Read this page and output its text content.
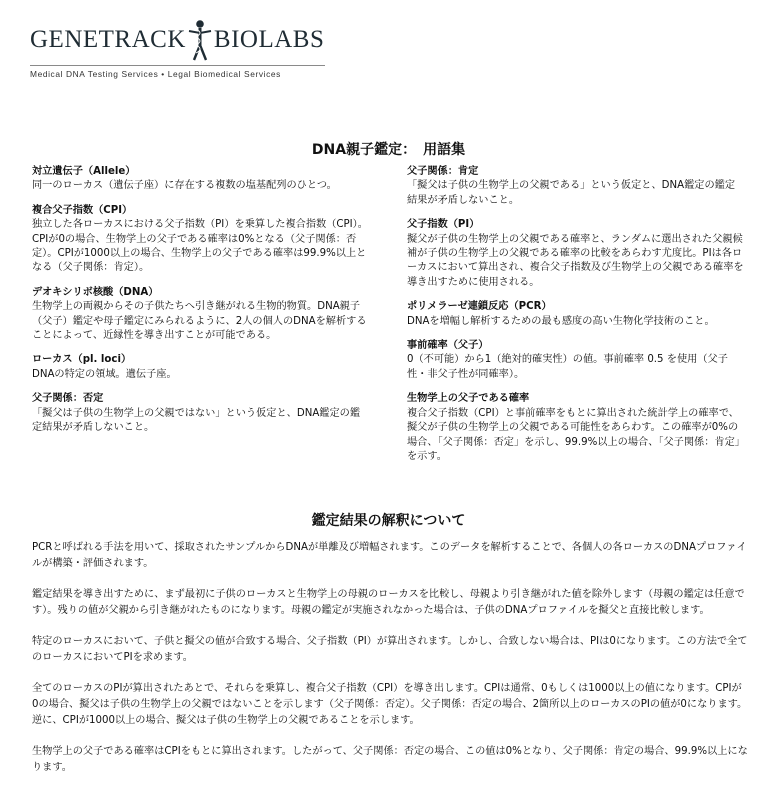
GENETRACK BIOLABS
Medical DNA Testing Services • Legal Biomedical Services
DNA親子鑑定：　用語集

対立遺伝子（Allele）

同一のローカス（遺伝子座）に存在する複数の塩基配列のひとつ。

複合父子指数（CPI）

独立した各ローカスにおける父子指数（PI）を乗算した複合指数（CPI）。CPIが0の場合、生物学上の父子である確率は0%となる（父子関係：否定）。CPIが1000以上の場合、生物学上の父子である確率は99.9%以上となる（父子関係：肯定）。

デオキシリボ核酸（DNA）

生物学上の両親からその子供たちへ引き継がれる生物的物質。DNA親子（父子）鑑定や母子鑑定にみられるように、2人の個人のDNAを解析することによって、近縁性を導き出すことが可能である。

ローカス（pl. loci）

DNAの特定の領域。遺伝子座。

父子関係：否定

「擬父は子供の生物学上の父親ではない」という仮定と、DNA鑑定の鑑定結果が矛盾しないこと。

父子関係：肯定

「擬父は子供の生物学上の父親である」という仮定と、DNA鑑定の鑑定結果が矛盾しないこと。

父子指数（PI）

擬父が子供の生物学上の父親である確率と、ランダムに選出された父親候補が子供の生物学上の父親である確率の比較をあらわす尤度比。PIは各ローカスにおいて算出され、複合父子指数及び生物学上の父親である確率を導き出すために使用される。

ポリメラーゼ連鎖反応（PCR）

DNAを増幅し解析するための最も感度の高い生物化学技術のこと。

事前確率（父子）

0（不可能）から1（絶対的確実性）の値。事前確率 0.5 を使用（父子性・非父子性が同確率）。

生物学上の父子である確率

複合父子指数（CPI）と事前確率をもとに算出された統計学上の確率で、擬父が子供の生物学上の父親である可能性をあらわす。この確率が0%の場合、「父子関係：否定」を示し、99.9%以上の場合、「父子関係：肯定」を示す。

鑑定結果の解釈について

PCRと呼ばれる手法を用いて、採取されたサンプルからDNAが単離及び増幅されます。このデータを解析することで、各個人の各ローカスのDNAプロファイルが構築・評価されます。

鑑定結果を導き出すために、まず最初に子供のローカスと生物学上の母親のローカスを比較し、母親より引き継がれた値を除外します（母親の鑑定は任意です）。残りの値が父親から引き継がれたものになります。母親の鑑定が実施されなかった場合は、子供のDNAプロファイルを擬父と直接比較します。

特定のローカスにおいて、子供と擬父の値が合致する場合、父子指数（PI）が算出されます。しかし、合致しない場合は、PIは0になります。この方法で全てのローカスにおいてPIを求めます。

全てのローカスのPIが算出されたあとで、それらを乗算し、複合父子指数（CPI）を導き出します。CPIは通常、0もしくは1000以上の値になります。CPIが0の場合、擬父は子供の生物学上の父親ではないことを示します（父子関係：否定）。父子関係：否定の場合、2箇所以上のローカスのPIの値が0になります。逆に、CPIが1000以上の場合、擬父は子供の生物学上の父親であることを示します。

生物学上の父子である確率はCPIをもとに算出されます。したがって、父子関係：否定の場合、この値は0%となり、父子関係：肯定の場合、99.9%以上になります。
